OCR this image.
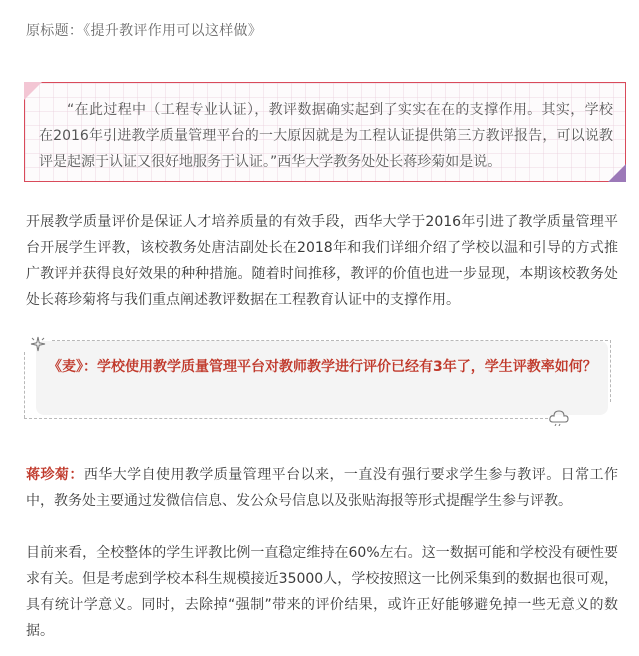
原标题：《提升教评作用可以这样做》
“在此过程中（工程专业认证），教评数据确实起到了实实在在的支撑作用。其实，学校在2016年引进教学质量管理平台的一大原因就是为工程认证提供第三方教评报告，可以说教评是起源于认证又很好地服务于认证。”西华大学教务处处长蒋珍菊如是说。
开展教学质量评价是保证人才培养质量的有效手段，西华大学于2016年引进了教学质量管理平台开展学生评教，该校教务处唐洁副处长在2018年和我们详细介绍了学校以温和引导的方式推广教评并获得良好效果的种种措施。随着时间推移，教评的价值也进一步显现，本期该校教务处处长蒋珍菊将与我们重点阐述教评数据在工程教育认证中的支撑作用。
《麦》：学校使用教学质量管理平台对教师教学进行评价已经有3年了，学生评教率如何？
蒋珍菊：西华大学自使用教学质量管理平台以来，一直没有强行要求学生参与教评。日常工作中，教务处主要通过发微信信息、发公众号信息以及张贴海报等形式提醒学生参与评教。
目前来看，全校整体的学生评教比例一直稳定维持在60%左右。这一数据可能和学校没有硬性要求有关。但是考虑到学校本科生规模接近35000人，学校按照这一比例采集到的数据也很可观，具有统计学意义。同时，去除掉“强制”带来的评价结果，或许正好能够避免掉一些无意义的数据。
